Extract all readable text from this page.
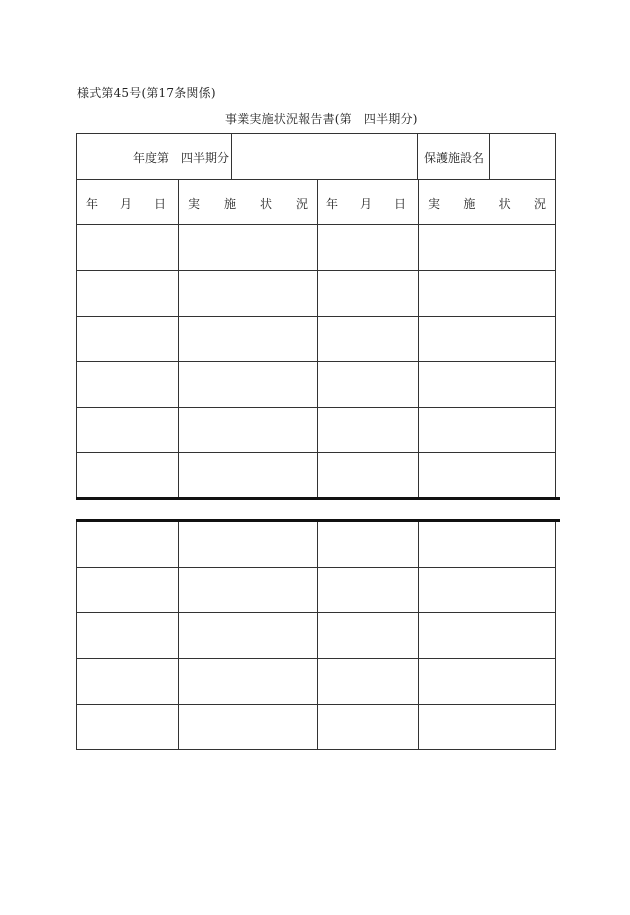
様式第45号(第17条関係)
事業実施状況報告書(第 四半期分)
年度第 四半期分	保護施設名
年 月 日 実 施 状 況 年 月 日 実 施 状 況
